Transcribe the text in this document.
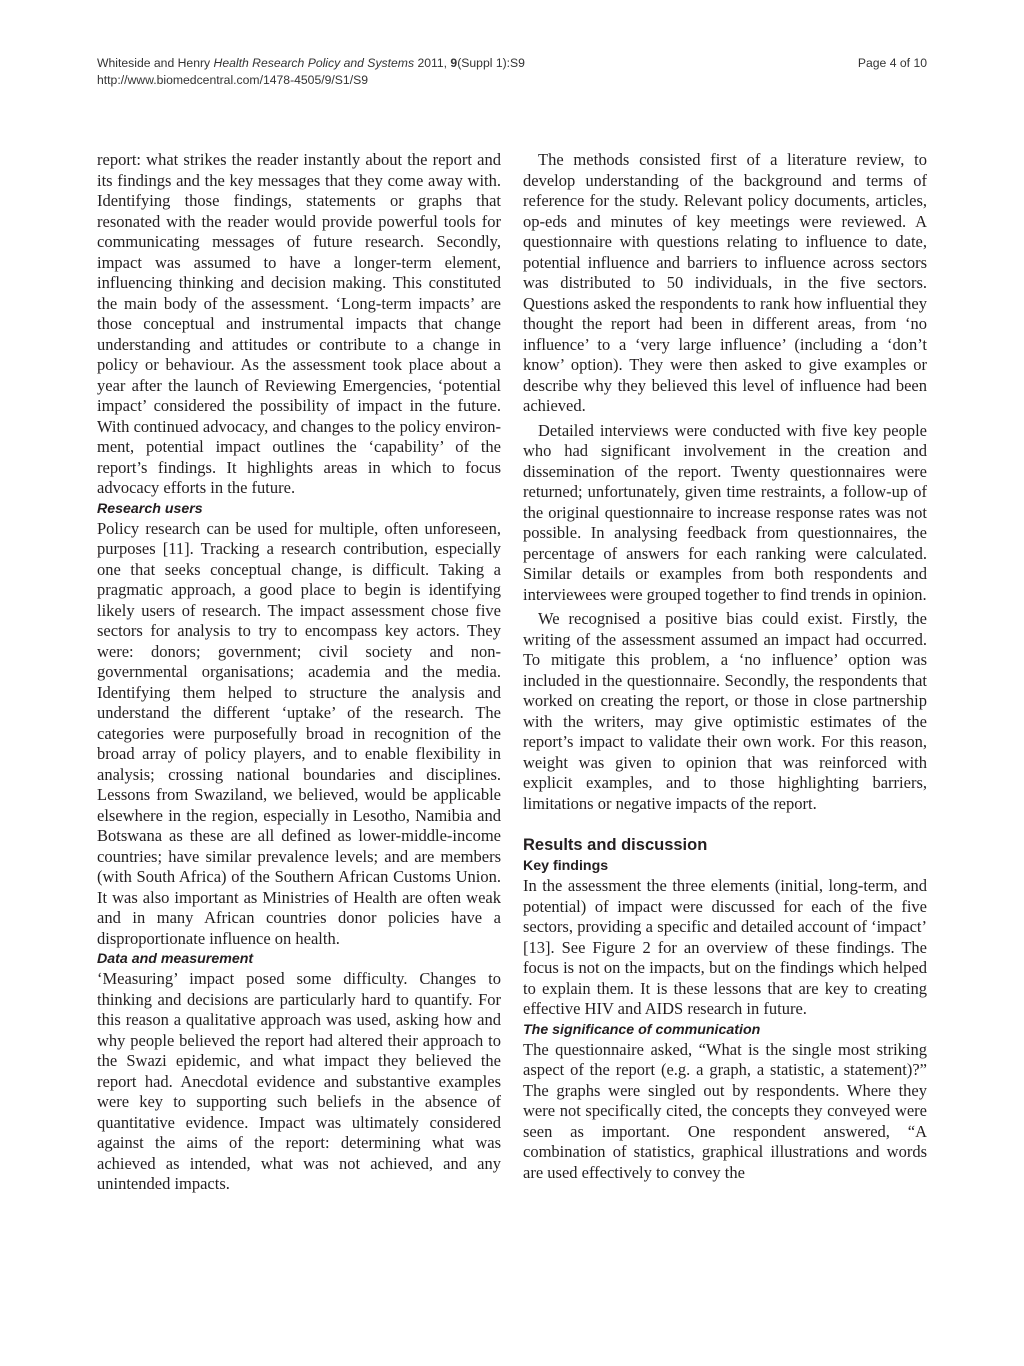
Whiteside and Henry Health Research Policy and Systems 2011, 9(Suppl 1):S9
http://www.biomedcentral.com/1478-4505/9/S1/S9
Page 4 of 10

report: what strikes the reader instantly about the report and its findings and the key messages that they come away with. Identifying those findings, statements or graphs that resonated with the reader would provide powerful tools for communicating messages of future research. Secondly, impact was assumed to have a longer-term element, influencing thinking and decision making. This constituted the main body of the assessment. ‘Long-term impacts’ are those conceptual and instrumental impacts that change understanding and attitudes or contribute to a change in policy or behaviour. As the assessment took place about a year after the launch of Reviewing Emergencies, ‘potential impact’ considered the possibility of impact in the future. With continued advocacy, and changes to the policy environment, potential impact outlines the ‘capability’ of the report’s findings. It highlights areas in which to focus advocacy efforts in the future.

Research users

Policy research can be used for multiple, often unforeseen, purposes [11]. Tracking a research contribution, especially one that seeks conceptual change, is difficult. Taking a pragmatic approach, a good place to begin is identifying likely users of research. The impact assessment chose five sectors for analysis to try to encompass key actors. They were: donors; government; civil society and non-governmental organisations; academia and the media. Identifying them helped to structure the analysis and understand the different ‘uptake’ of the research. The categories were purposefully broad in recognition of the broad array of policy players, and to enable flexibility in analysis; crossing national boundaries and disciplines. Lessons from Swaziland, we believed, would be applicable elsewhere in the region, especially in Lesotho, Namibia and Botswana as these are all defined as lower-middle-income countries; have similar prevalence levels; and are members (with South Africa) of the Southern African Customs Union. It was also important as Ministries of Health are often weak and in many African countries donor policies have a disproportionate influence on health.

Data and measurement

‘Measuring’ impact posed some difficulty. Changes to thinking and decisions are particularly hard to quantify. For this reason a qualitative approach was used, asking how and why people believed the report had altered their approach to the Swazi epidemic, and what impact they believed the report had. Anecdotal evidence and substantive examples were key to supporting such beliefs in the absence of quantitative evidence. Impact was ultimately considered against the aims of the report: determining what was achieved as intended, what was not achieved, and any unintended impacts.

The methods consisted first of a literature review, to develop understanding of the background and terms of reference for the study. Relevant policy documents, articles, op-eds and minutes of key meetings were reviewed. A questionnaire with questions relating to influence to date, potential influence and barriers to influence across sectors was distributed to 50 individuals, in the five sectors. Questions asked the respondents to rank how influential they thought the report had been in different areas, from ‘no influence’ to a ‘very large influence’ (including a ‘don’t know’ option). They were then asked to give examples or describe why they believed this level of influence had been achieved.

Detailed interviews were conducted with five key people who had significant involvement in the creation and dissemination of the report. Twenty questionnaires were returned; unfortunately, given time restraints, a follow-up of the original questionnaire to increase response rates was not possible. In analysing feedback from questionnaires, the percentage of answers for each ranking were calculated. Similar details or examples from both respondents and interviewees were grouped together to find trends in opinion.

We recognised a positive bias could exist. Firstly, the writing of the assessment assumed an impact had occurred. To mitigate this problem, a ‘no influence’ option was included in the questionnaire. Secondly, the respondents that worked on creating the report, or those in close partnership with the writers, may give optimistic estimates of the report’s impact to validate their own work. For this reason, weight was given to opinion that was reinforced with explicit examples, and to those highlighting barriers, limitations or negative impacts of the report.

Results and discussion
Key findings

In the assessment the three elements (initial, long-term, and potential) of impact were discussed for each of the five sectors, providing a specific and detailed account of ‘impact’ [13]. See Figure 2 for an overview of these findings. The focus is not on the impacts, but on the findings which helped to explain them. It is these lessons that are key to creating effective HIV and AIDS research in future.

The significance of communication

The questionnaire asked, “What is the single most striking aspect of the report (e.g. a graph, a statistic, a statement)?” The graphs were singled out by respondents. Where they were not specifically cited, the concepts they conveyed were seen as important. One respondent answered, “A combination of statistics, graphical illustrations and words are used effectively to convey the
